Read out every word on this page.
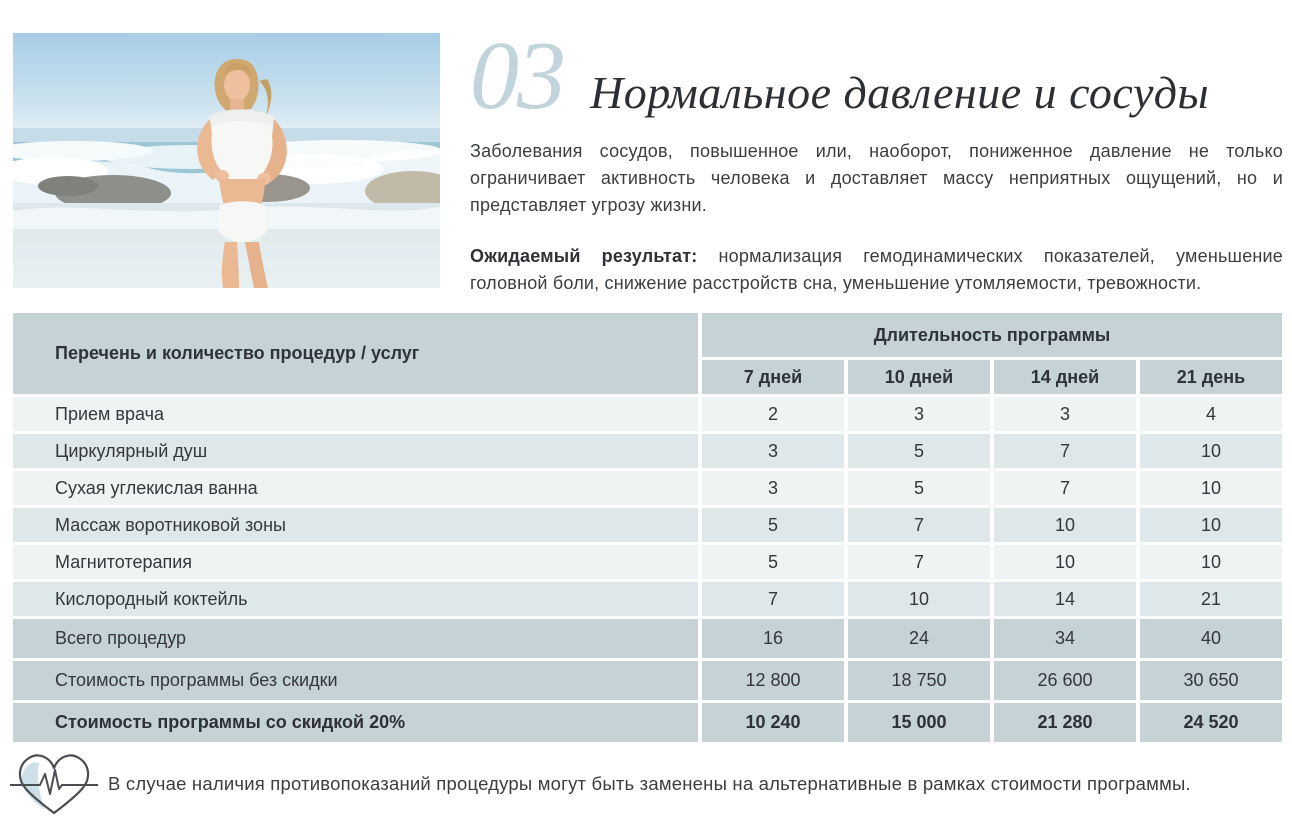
03 Нормальное давление и сосуды

Заболевания сосудов, повышенное или, наоборот, пониженное давление не только ограничивает активность человека и доставляет массу неприятных ощущений, но и представляет угрозу жизни.

Ожидаемый результат: нормализация гемодинамических показателей, уменьшение головной боли, снижение расстройств сна, уменьшение утомляемости, тревожности.

Перечень и количество процедур / услуг
Длительность программы
7 дней	10 дней	14 дней	21 день
Прием врача	2	3	3	4
Циркулярный душ	3	5	7	10
Сухая углекислая ванна	3	5	7	10
Массаж воротниковой зоны	5	7	10	10
Магнитотерапия	5	7	10	10
Кислородный коктейль	7	10	14	21
Всего процедур	16	24	34	40
Стоимость программы без скидки	12 800	18 750	26 600	30 650
Стоимость программы со скидкой 20%	10 240	15 000	21 280	24 520
В случае наличия противопоказаний процедуры могут быть заменены на альтернативные в рамках стоимости программы.
